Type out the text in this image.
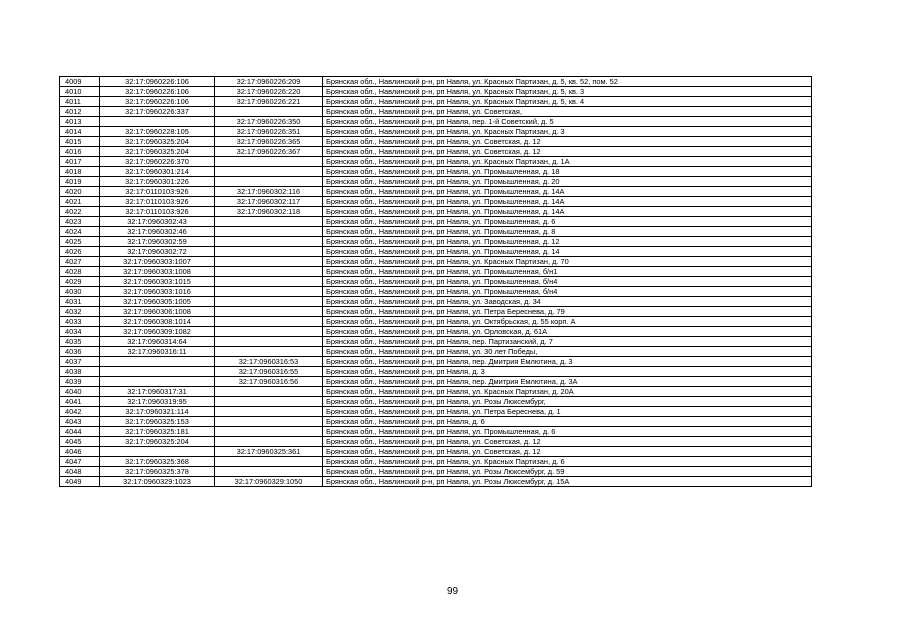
4009	32:17:0960226:106	32:17:0960226:209	Брянская обл., Навлинский р-н, рп Навля, ул. Красных Партизан, д. 5, кв. 52, пом. 52
4010	32:17:0960226:106	32:17:0960226:220	Брянская обл., Навлинский р-н, рп Навля, ул. Красных Партизан, д. 5, кв. 3
4011	32:17:0960226:106	32:17:0960226:221	Брянская обл., Навлинский р-н, рп Навля, ул. Красных Партизан, д. 5, кв. 4
4012	32:17:0960226:337		Брянская обл., Навлинский р-н, рп Навля, ул. Советская,
4013		32:17:0960226:350	Брянская обл., Навлинский р-н, рп Навля, пер. 1-й Советский, д. 5
4014	32:17:0960228:105	32:17:0960226:351	Брянская обл., Навлинский р-н, рп Навля, ул. Красных Партизан, д. 3
4015	32:17:0960325:204	32:17:0960226:365	Брянская обл., Навлинский р-н, рп Навля, ул. Советская, д. 12
4016	32:17:0960325:204	32:17:0960226:367	Брянская обл., Навлинский р-н, рп Навля, ул. Советская, д. 12
4017	32:17:0960226:370		Брянская обл., Навлинский р-н, рп Навля, ул. Красных Партизан, д. 1А
4018	32:17:0960301:214		Брянская обл., Навлинский р-н, рп Навля, ул. Промышленная, д. 18
4019	32:17:0960301:226		Брянская обл., Навлинский р-н, рп Навля, ул. Промышленная, д. 20
4020	32:17:0110103:926	32:17:0960302:116	Брянская обл., Навлинский р-н, рп Навля, ул. Промышленная, д. 14А
4021	32:17:0110103:926	32:17:0960302:117	Брянская обл., Навлинский р-н, рп Навля, ул. Промышленная, д. 14А
4022	32:17:0110103:926	32:17:0960302:118	Брянская обл., Навлинский р-н, рп Навля, ул. Промышленная, д. 14А
4023	32:17:0960302:43		Брянская обл., Навлинский р-н, рп Навля, ул. Промышленная, д. 6
4024	32:17:0960302:46		Брянская обл., Навлинский р-н, рп Навля, ул. Промышленная, д. 8
4025	32:17:0960302:59		Брянская обл., Навлинский р-н, рп Навля, ул. Промышленная, д. 12
4026	32:17:0960302:72		Брянская обл., Навлинский р-н, рп Навля, ул. Промышленная, д. 14
4027	32:17:0960303:1007		Брянская обл., Навлинский р-н, рп Навля, ул. Красных Партизан, д. 70
4028	32:17:0960303:1008		Брянская обл., Навлинский р-н, рп Навля, ул. Промышленная, б/н1
4029	32:17:0960303:1015		Брянская обл., Навлинский р-н, рп Навля, ул. Промышленная, б/н4
4030	32:17:0960303:1016		Брянская обл., Навлинский р-н, рп Навля, ул. Промышленная, б/н4
4031	32:17:0960305:1005		Брянская обл., Навлинский р-н, рп Навля, ул. Заводская, д. 34
4032	32:17:0960306:1008		Брянская обл., Навлинский р-н, рп Навля, ул. Петра Береснева, д. 79
4033	32:17:0960308:1014		Брянская обл., Навлинский р-н, рп Навля, ул. Октябрьская, д. 55 корп. А
4034	32:17:0960309:1082		Брянская обл., Навлинский р-н, рп Навля, ул. Орловская, д. 61А
4035	32:17:0960314:64		Брянская обл., Навлинский р-н, рп Навля, пер. Партизанский, д. 7
4036	32:17:0960316:11		Брянская обл., Навлинский р-н, рп Навля, ул. 30 лет Победы,
4037		32:17:0960316:53	Брянская обл., Навлинский р-н, рп Навля, пер. Дмитрия Емлютина, д. 3
4038		32:17:0960316:55	Брянская обл., Навлинский р-н, рп Навля, д. 3
4039		32:17:0960316:56	Брянская обл., Навлинский р-н, рп Навля, пер. Дмитрия Емлютина, д. 3А
4040	32:17:0960317:31		Брянская обл., Навлинский р-н, рп Навля, ул. Красных Партизан, д. 20А
4041	32:17:0960319:95		Брянская обл., Навлинский р-н, рп Навля, ул. Розы Люксембург,
4042	32:17:0960321:114		Брянская обл., Навлинский р-н, рп Навля, ул. Петра Береснева, д. 1
4043	32:17:0960325:153		Брянская обл., Навлинский р-н, рп Навля, д. 6
4044	32:17:0960325:181		Брянская обл., Навлинский р-н, рп Навля, ул. Промышленная, д. 6
4045	32:17:0960325:204		Брянская обл., Навлинский р-н, рп Навля, ул. Советская, д. 12
4046		32:17:0960325:361	Брянская обл., Навлинский р-н, рп Навля, ул. Советская, д. 12
4047	32:17:0960325:368		Брянская обл., Навлинский р-н, рп Навля, ул. Красных Партизан, д. 6
4048	32:17:0960325:378		Брянская обл., Навлинский р-н, рп Навля, ул. Розы Люксембург, д. 59
4049	32:17:0960329:1023	32:17:0960329:1050	Брянская обл., Навлинский р-н, рп Навля, ул. Розы Люксембург, д. 15А
99
